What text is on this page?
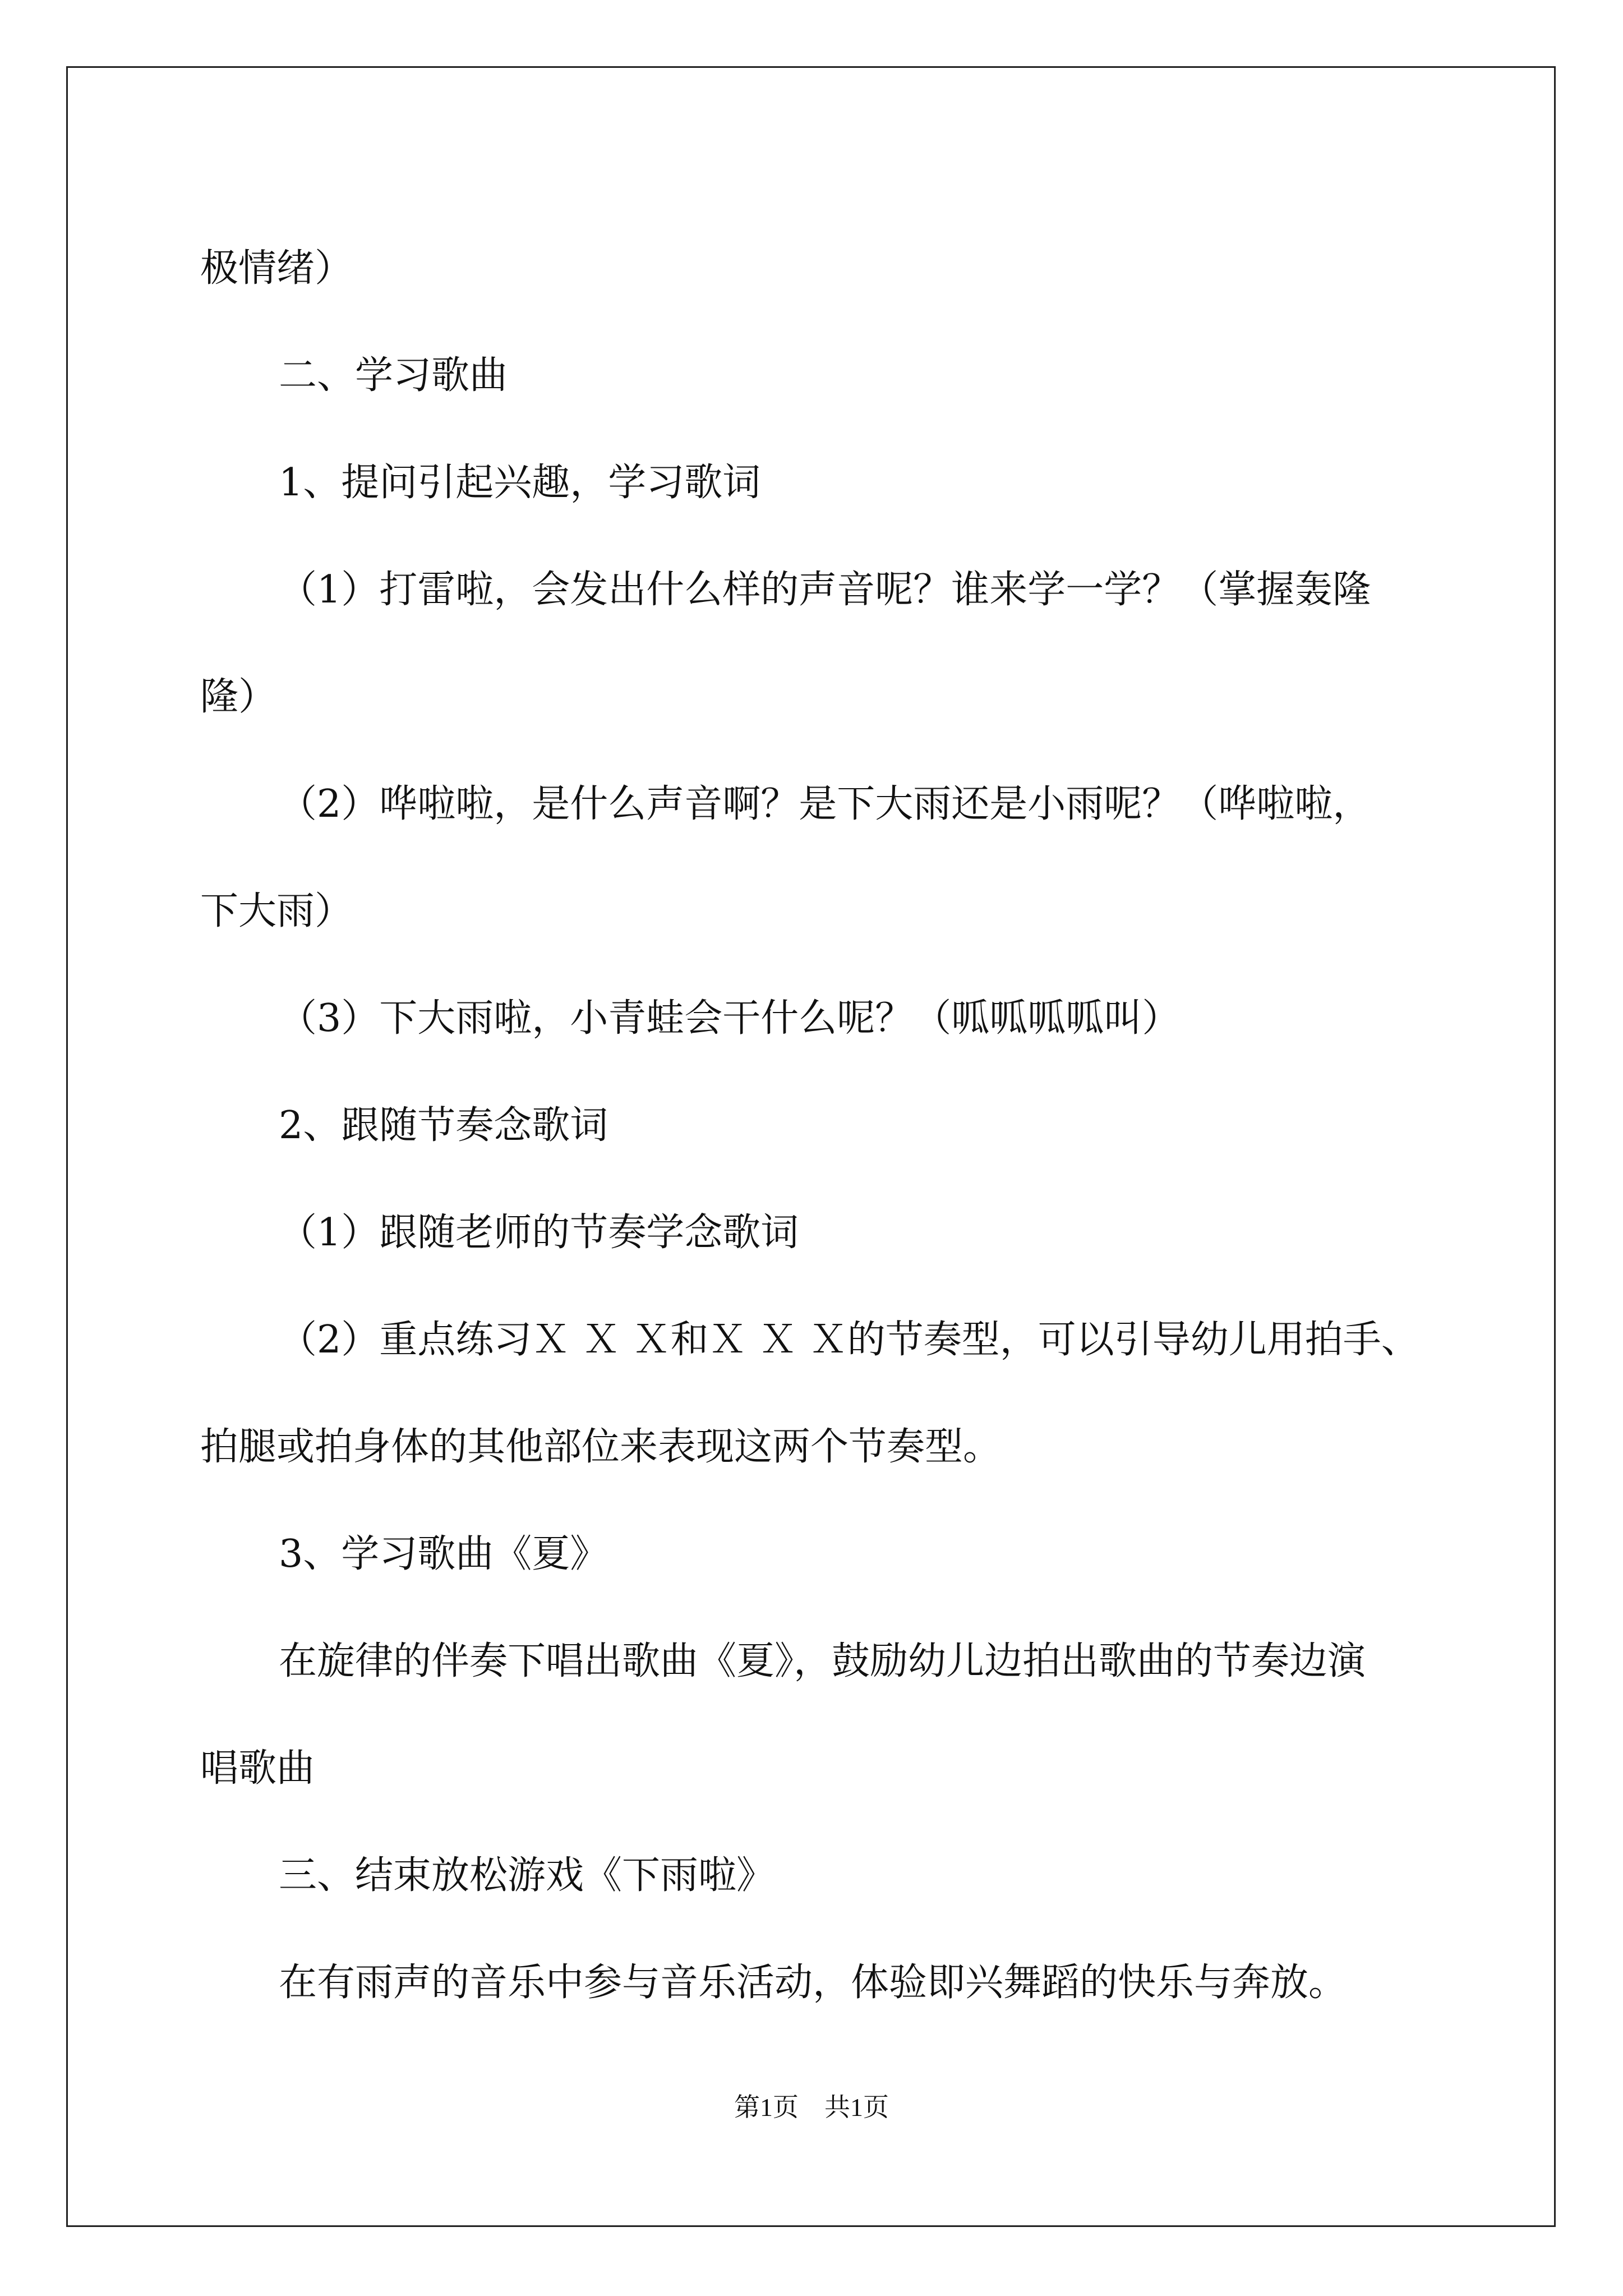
极情绪）

二、学习歌曲

1、提问引起兴趣，学习歌词

（1）打雷啦，会发出什么样的声音呢？谁来学一学？（掌握轰隆

隆）

（2）哗啦啦，是什么声音啊？是下大雨还是小雨呢？（哗啦啦，

下大雨）

（3）下大雨啦，小青蛙会干什么呢？（呱呱呱呱叫）

2、跟随节奏念歌词

（1）跟随老师的节奏学念歌词

（2）重点练习Ｘ Ｘ Ｘ和Ｘ Ｘ Ｘ的节奏型，可以引导幼儿用拍手、

拍腿或拍身体的其他部位来表现这两个节奏型。

3、学习歌曲《夏》

在旋律的伴奏下唱出歌曲《夏》，鼓励幼儿边拍出歌曲的节奏边演

唱歌曲

三、结束放松游戏《下雨啦》

在有雨声的音乐中参与音乐活动，体验即兴舞蹈的快乐与奔放。

第1页　共1页
